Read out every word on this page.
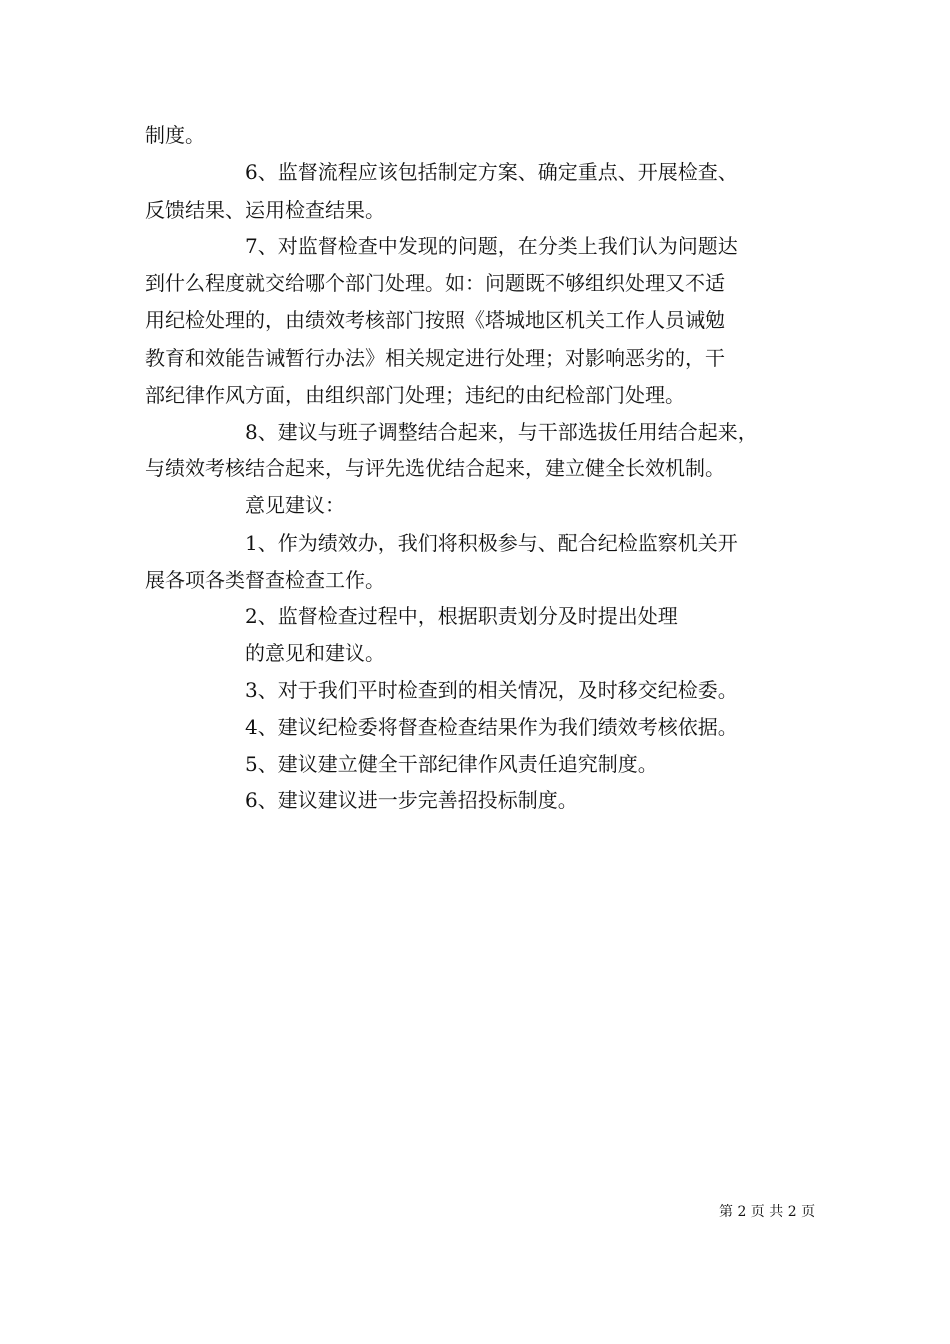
制度。
6、监督流程应该包括制定方案、确定重点、开展检查、
反馈结果、运用检查结果。
7、对监督检查中发现的问题，在分类上我们认为问题达
到什么程度就交给哪个部门处理。如：问题既不够组织处理又不适
用纪检处理的，由绩效考核部门按照《塔城地区机关工作人员诫勉
教育和效能告诫暂行办法》相关规定进行处理；对影响恶劣的，干
部纪律作风方面，由组织部门处理；违纪的由纪检部门处理。
8、建议与班子调整结合起来，与干部选拔任用结合起来，
与绩效考核结合起来，与评先选优结合起来，建立健全长效机制。
意见建议：
1、作为绩效办，我们将积极参与、配合纪检监察机关开
展各项各类督查检查工作。
2、监督检查过程中，根据职责划分及时提出处理
的意见和建议。
3、对于我们平时检查到的相关情况，及时移交纪检委。
4、建议纪检委将督查检查结果作为我们绩效考核依据。
5、建议建立健全干部纪律作风责任追究制度。
6、建议建议进一步完善招投标制度。
第 2 页 共 2 页
